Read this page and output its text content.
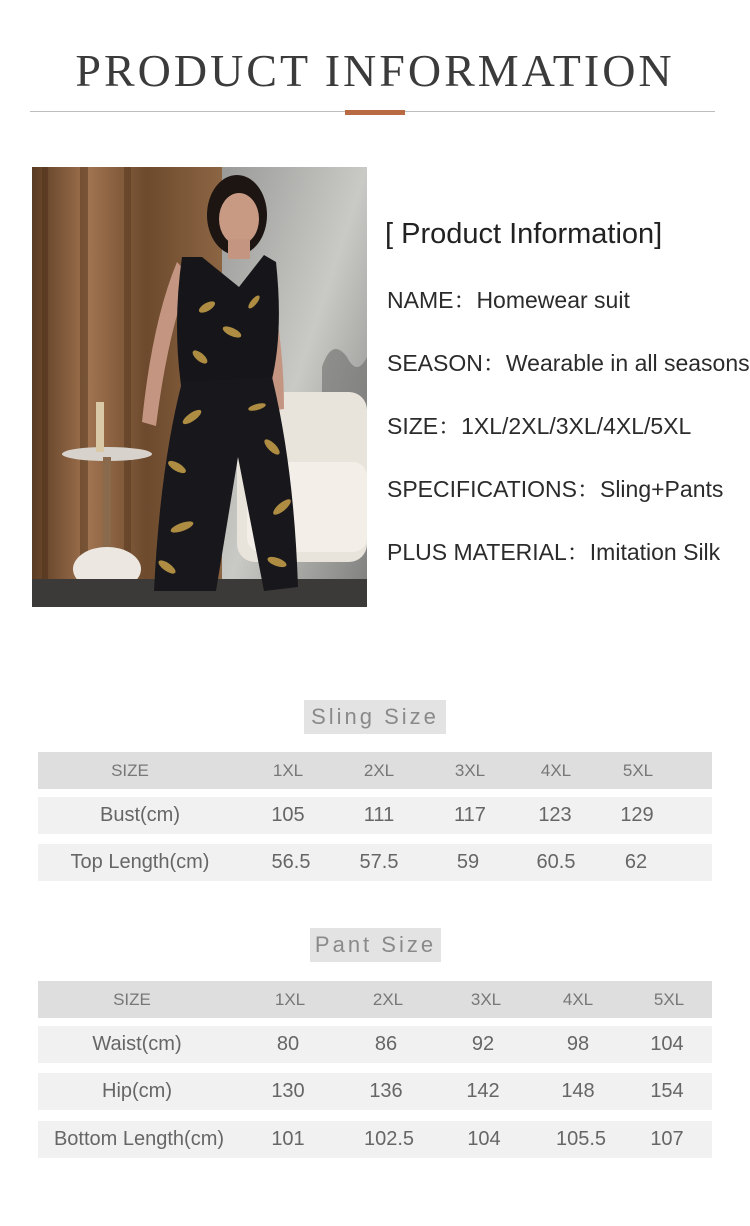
PRODUCT INFORMATION
[ Product Information]
NAME：Homewear suit
SEASON：Wearable in all seasons
SIZE：1XL/2XL/3XL/4XL/5XL
SPECIFICATIONS：Sling+Pants
PLUS MATERIAL：Imitation Silk
Sling Size
SIZE	1XL	2XL	3XL	4XL	5XL
Bust(cm)	105	111	117	123	129
Top Length(cm)	56.5	57.5	59	60.5	62
Pant Size
SIZE	1XL	2XL	3XL	4XL	5XL
Waist(cm)	80	86	92	98	104
Hip(cm)	130	136	142	148	154
Bottom Length(cm)	101	102.5	104	105.5	107
